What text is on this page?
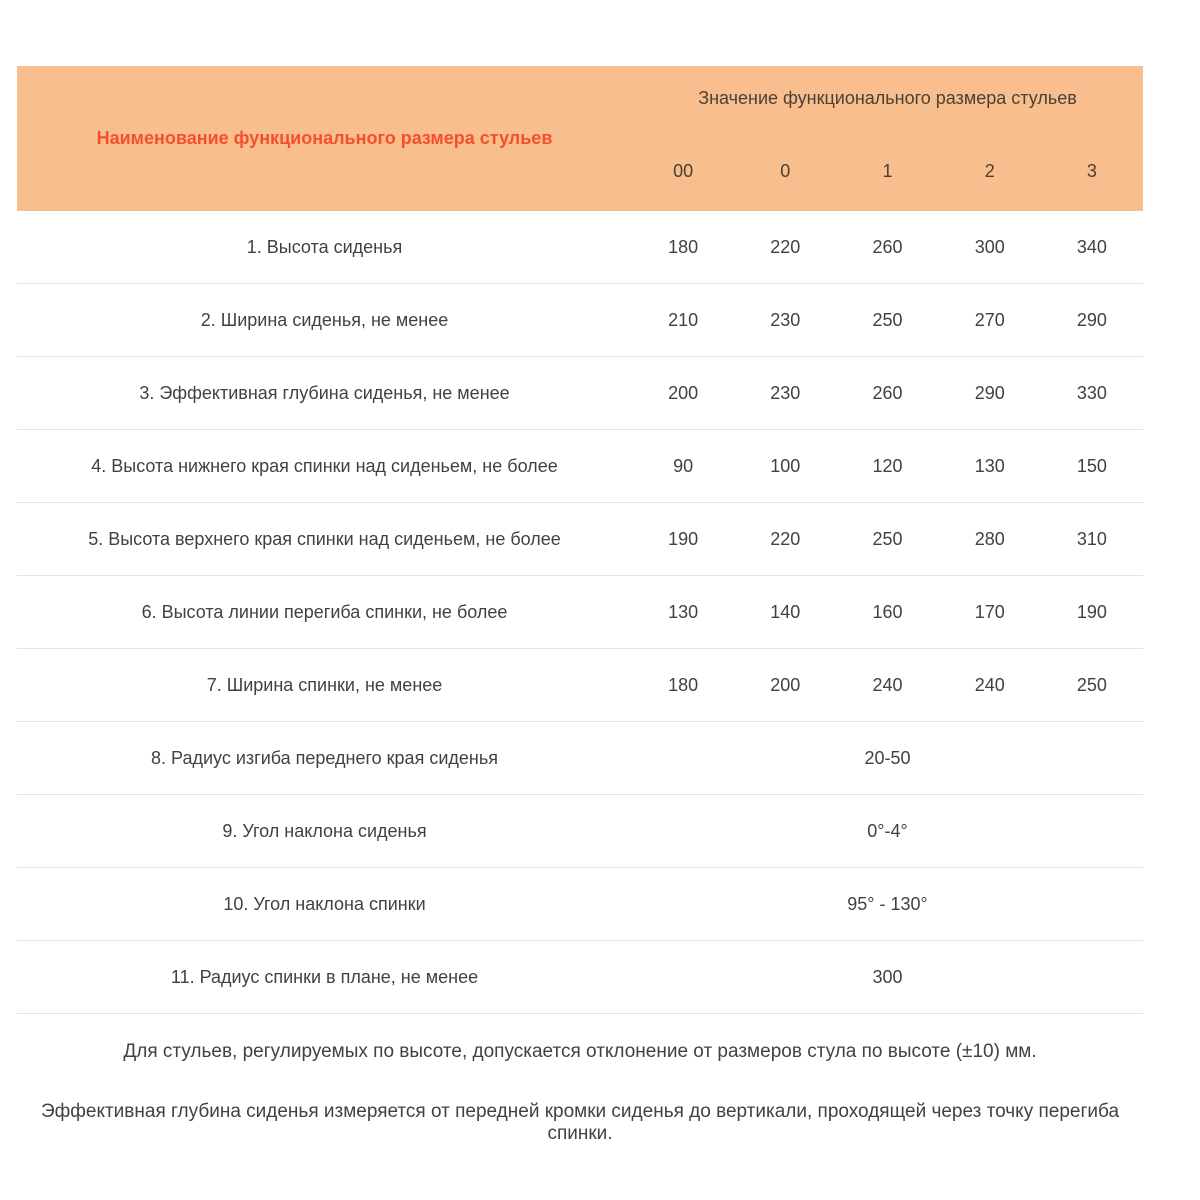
Наименование функционального размера стульев
Значение функционального размера стульев
00	0	1	2	3
1. Высота сиденья	180	220	260	300	340
2. Ширина сиденья, не менее	210	230	250	270	290
3. Эффективная глубина сиденья, не менее	200	230	260	290	330
4. Высота нижнего края спинки над сиденьем, не более	90	100	120	130	150
5. Высота верхнего края спинки над сиденьем, не более	190	220	250	280	310
6. Высота линии перегиба спинки, не более	130	140	160	170	190
7. Ширина спинки, не менее	180	200	240	240	250
8. Радиус изгиба переднего края сиденья	20-50
9. Угол наклона сиденья	0°-4°
10. Угол наклона спинки	95° - 130°
11. Радиус спинки в плане, не менее	300

Для стульев, регулируемых по высоте, допускается отклонение от размеров стула по высоте (±10) мм.

Эффективная глубина сиденья измеряется от передней кромки сиденья до вертикали, проходящей через точку перегиба спинки.
